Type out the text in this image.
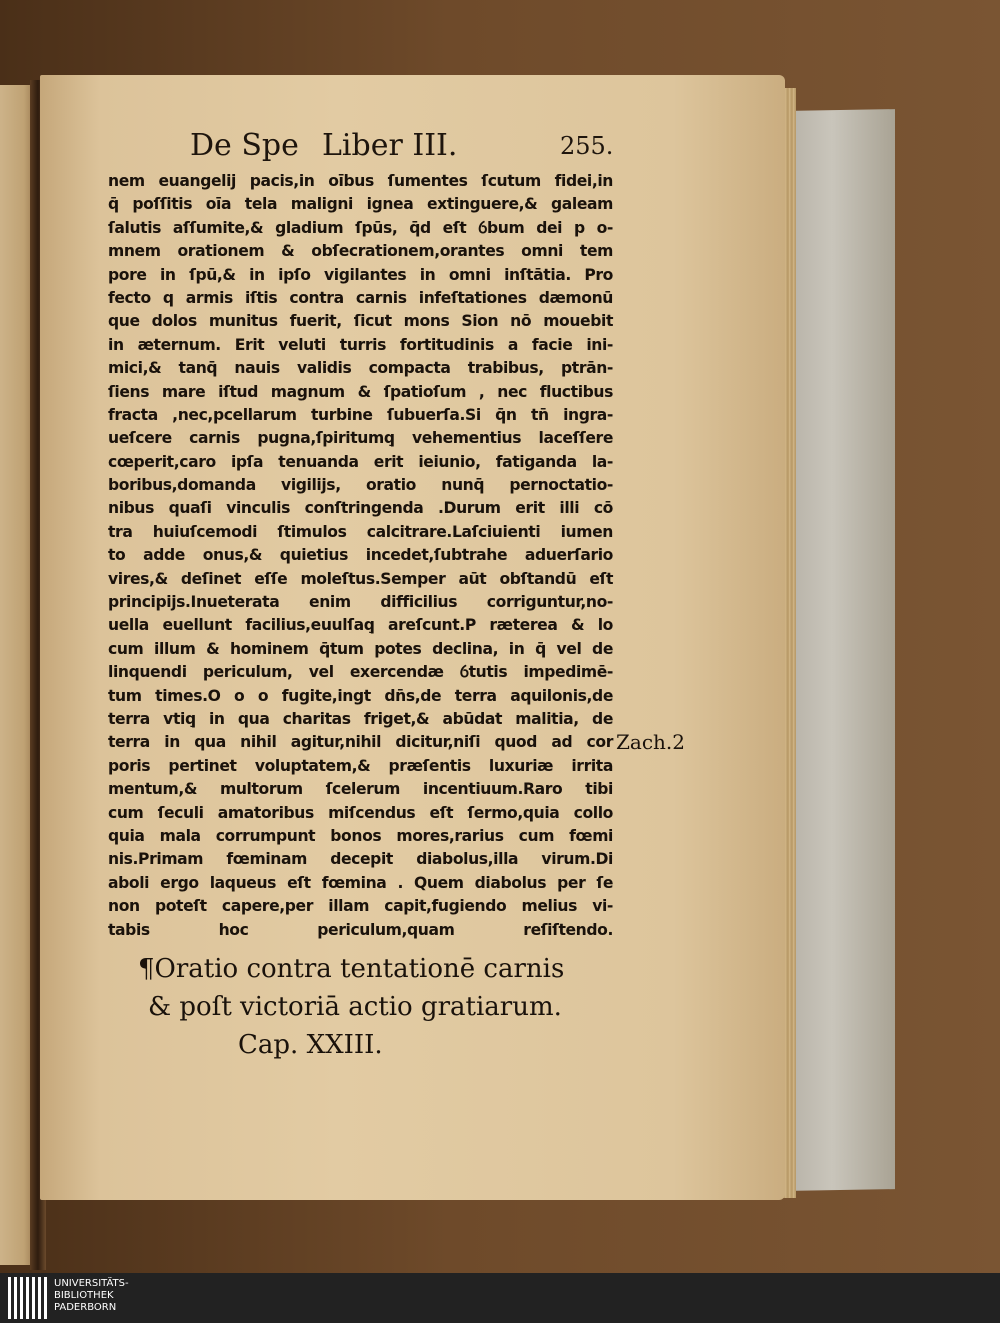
De Spe Liber III.	255.
nem euangelij pacis,in oībus ſumentes ſcutum fidei,in
q̄ poſſitis oīa tela maligni ignea extinguere,& galeam
ſalutis aſſumite,& gladium ſpūs, q̄d eſt ỽbum dei p o-
mnem orationem & obſecrationem,orantes omni tem
pore in ſpū,& in ipſo vigilantes in omni inſtātia. Pro
fecto q armis iſtis contra carnis infeſtationes dæmonū
que dolos munitus fuerit, ſicut mons Sion nō mouebit
in æternum. Erit veluti turris fortitudinis a facie ini-
mici,& tanq̄ nauis validis compacta trabibus, ptrān-
ſiens mare iſtud magnum & ſpatioſum , nec fluctibus
fracta ,nec,pcellarum turbine ſubuerſa.Si q̄n tn̄ ingra-
ueſcere carnis pugna,ſpiritumq̧ vehementius laceſſere
cœperit,caro ipſa tenuanda erit ieiunio, fatiganda la-
boribus,domanda vigilijs, oratio nunq̄ pernoctatio-
nibus quaſi vinculis conſtringenda .Durum erit illi cō
tra huiuſcemodi ſtimulos calcitrare.Laſciuienti iumen
to adde onus,& quietius incedet,ſubtrahe aduerſario
vires,& deſinet eſſe moleſtus.Semper aūt obſtandū eſt
principijs.Inueterata enim difficilius corriguntur,no-
uella euellunt facilius,euulſaq̧ areſcunt.P ræterea & lo
cum illum & hominem q̄tum potes declina, in q̄ vel de
linquendi periculum, vel exercendæ ỽtutis impedimē-
tum times.O o o fugite,ingt dn̄s,de terra aquilonis,de
terra vtiq̧ in qua charitas friget,& abūdat malitia, de
terra in qua nihil agitur,nihil dicitur,niſi quod ad cor
poris pertinet voluptatem,& præſentis luxuriæ irrita
mentum,& multorum ſcelerum incentiuum.Raro tibi
cum ſeculi amatoribus miſcendus eſt ſermo,quia collo
quia mala corrumpunt bonos mores,rarius cum fœmi
nis.Primam fœminam decepit diabolus,illa virum.Di
aboli ergo laqueus eſt fœmina . Quem diabolus per ſe
non poteſt capere,per illam capit,fugiendo melius vi-
tabis hoc periculum,quam reſiſtendo.
Zach.2
¶Oratio contra tentationē carnis
& poſt victoriā actio gratiarum.
Cap. XXIII.
UNIVERSITÄTS-
BIBLIOTHEK
PADERBORN
